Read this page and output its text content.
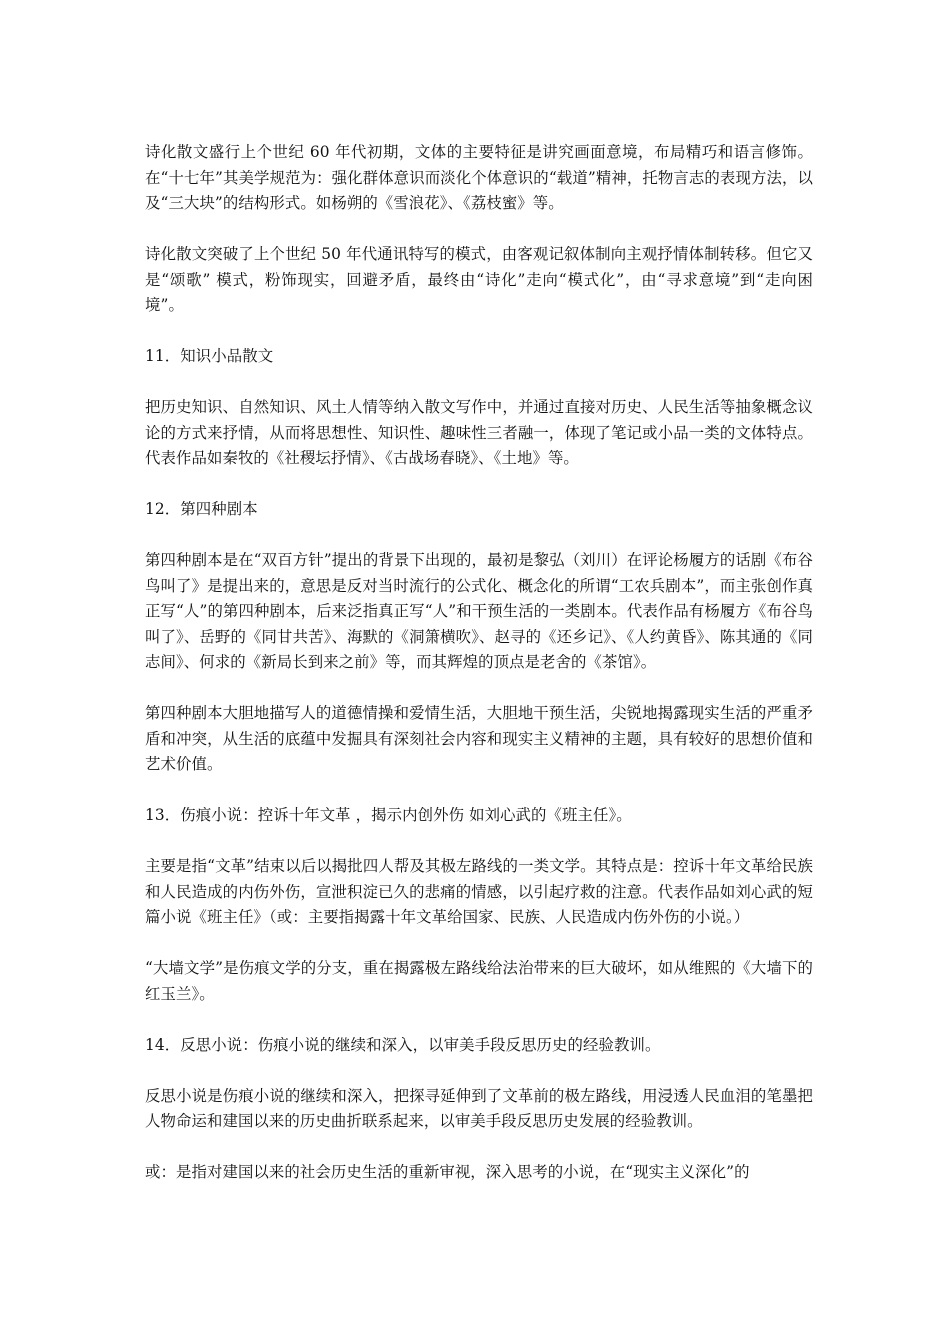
诗化散文盛行上个世纪 60 年代初期，文体的主要特征是讲究画面意境，布局精巧和语言修饰。在“十七年”其美学规范为：强化群体意识而淡化个体意识的“载道”精神，托物言志的表现方法，以及“三大块”的结构形式。如杨朔的《雪浪花》、《荔枝蜜》等。

诗化散文突破了上个世纪 50 年代通讯特写的模式，由客观记叙体制向主观抒情体制转移。但它又是“颂歌” 模式，粉饰现实，回避矛盾，最终由“诗化”走向“模式化”，由“寻求意境”到“走向困境”。

11．知识小品散文

把历史知识、自然知识、风土人情等纳入散文写作中，并通过直接对历史、人民生活等抽象概念议论的方式来抒情，从而将思想性、知识性、趣味性三者融一，体现了笔记或小品一类的文体特点。代表作品如秦牧的《社稷坛抒情》、《古战场春晓》、《土地》等。

12．第四种剧本

第四种剧本是在“双百方针”提出的背景下出现的，最初是黎弘（刘川）在评论杨履方的话剧《布谷鸟叫了》是提出来的，意思是反对当时流行的公式化、概念化的所谓“工农兵剧本”，而主张创作真正写“人”的第四种剧本，后来泛指真正写“人”和干预生活的一类剧本。代表作品有杨履方《布谷鸟叫了》、岳野的《同甘共苦》、海默的《洞箫横吹》、赵寻的《还乡记》、《人约黄昏》、陈其通的《同志间》、何求的《新局长到来之前》等，而其辉煌的顶点是老舍的《茶馆》。

第四种剧本大胆地描写人的道德情操和爱情生活，大胆地干预生活，尖锐地揭露现实生活的严重矛盾和冲突，从生活的底蕴中发掘具有深刻社会内容和现实主义精神的主题，具有较好的思想价值和艺术价值。

13．伤痕小说：控诉十年文革 ，揭示内创外伤 如刘心武的《班主任》。

主要是指“文革”结束以后以揭批四人帮及其极左路线的一类文学。其特点是：控诉十年文革给民族和人民造成的内伤外伤，宣泄积淀已久的悲痛的情感，以引起疗救的注意。代表作品如刘心武的短篇小说《班主任》（或：主要指揭露十年文革给国家、民族、人民造成内伤外伤的小说。）

“大墙文学”是伤痕文学的分支，重在揭露极左路线给法治带来的巨大破坏，如从维熙的《大墙下的红玉兰》。

14．反思小说：伤痕小说的继续和深入，以审美手段反思历史的经验教训。

反思小说是伤痕小说的继续和深入，把探寻延伸到了文革前的极左路线，用浸透人民血泪的笔墨把人物命运和建国以来的历史曲折联系起来，以审美手段反思历史发展的经验教训。

或：是指对建国以来的社会历史生活的重新审视，深入思考的小说，在“现实主义深化”的
